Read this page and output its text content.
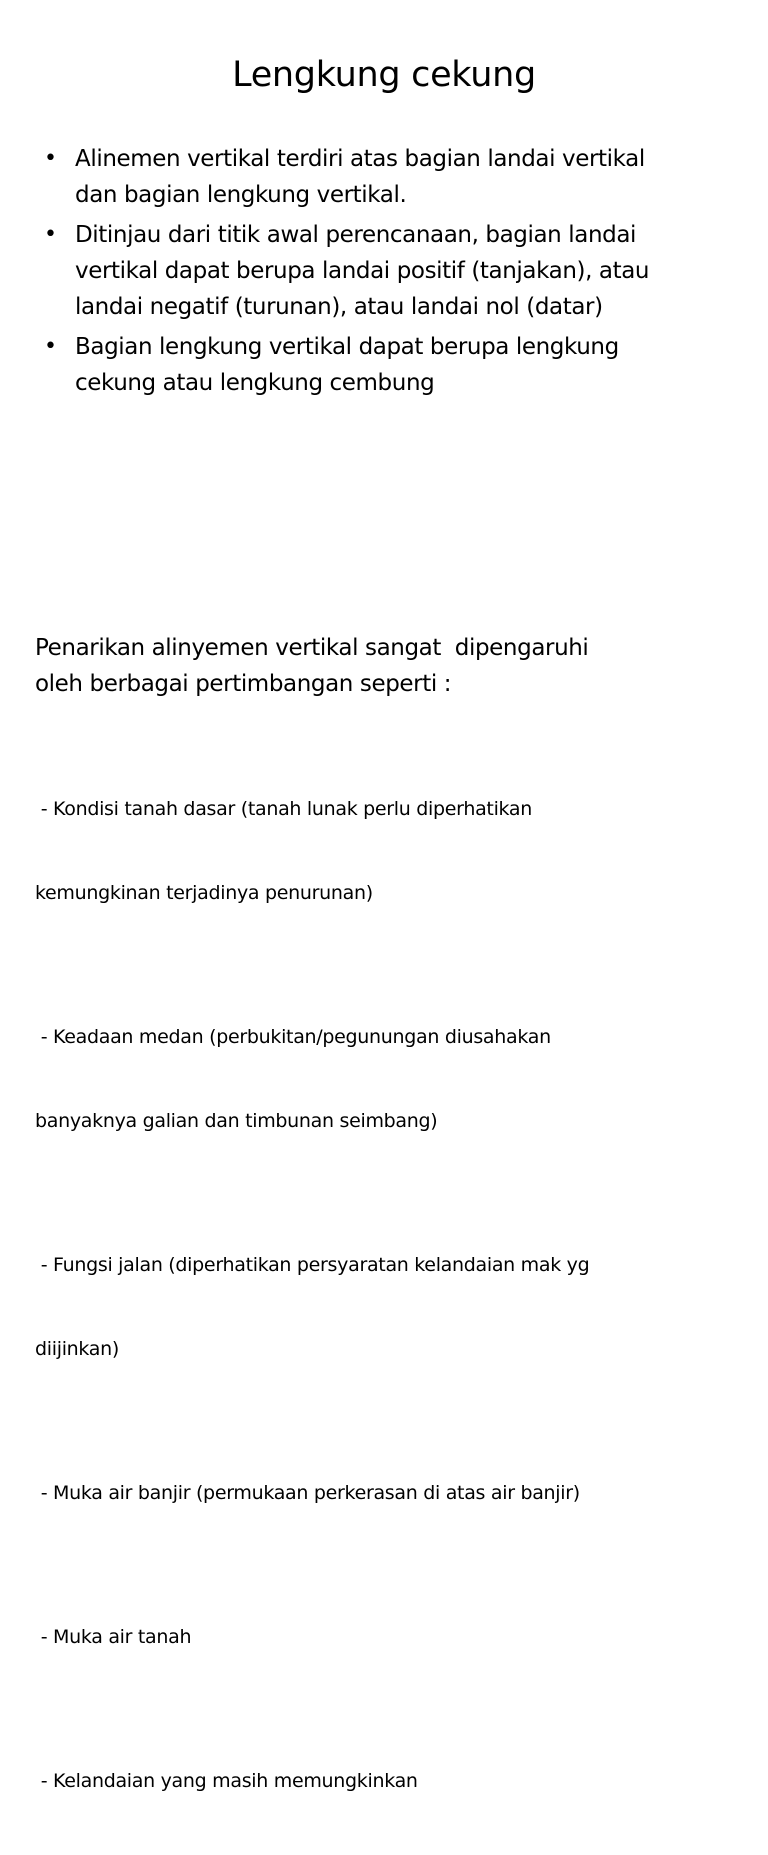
Lengkung cekung
• Alinemen vertikal terdiri atas bagian landai vertikal
dan bagian lengkung vertikal.
• Ditinjau dari titik awal perencanaan, bagian landai
vertikal dapat berupa landai positif (tanjakan), atau
landai negatif (turunan), atau landai nol (datar)
• Bagian lengkung vertikal dapat berupa lengkung
cekung atau lengkung cembung
Penarikan alinyemen vertikal sangat  dipengaruhi
oleh berbagai pertimbangan seperti :

- Kondisi tanah dasar (tanah lunak perlu diperhatikan

kemungkinan terjadinya penurunan)

- Keadaan medan (perbukitan/pegunungan diusahakan

banyaknya galian dan timbunan seimbang)

- Fungsi jalan (diperhatikan persyaratan kelandaian mak yg

diijinkan)

- Muka air banjir (permukaan perkerasan di atas air banjir)

- Muka air tanah

- Kelandaian yang masih memungkinkan
